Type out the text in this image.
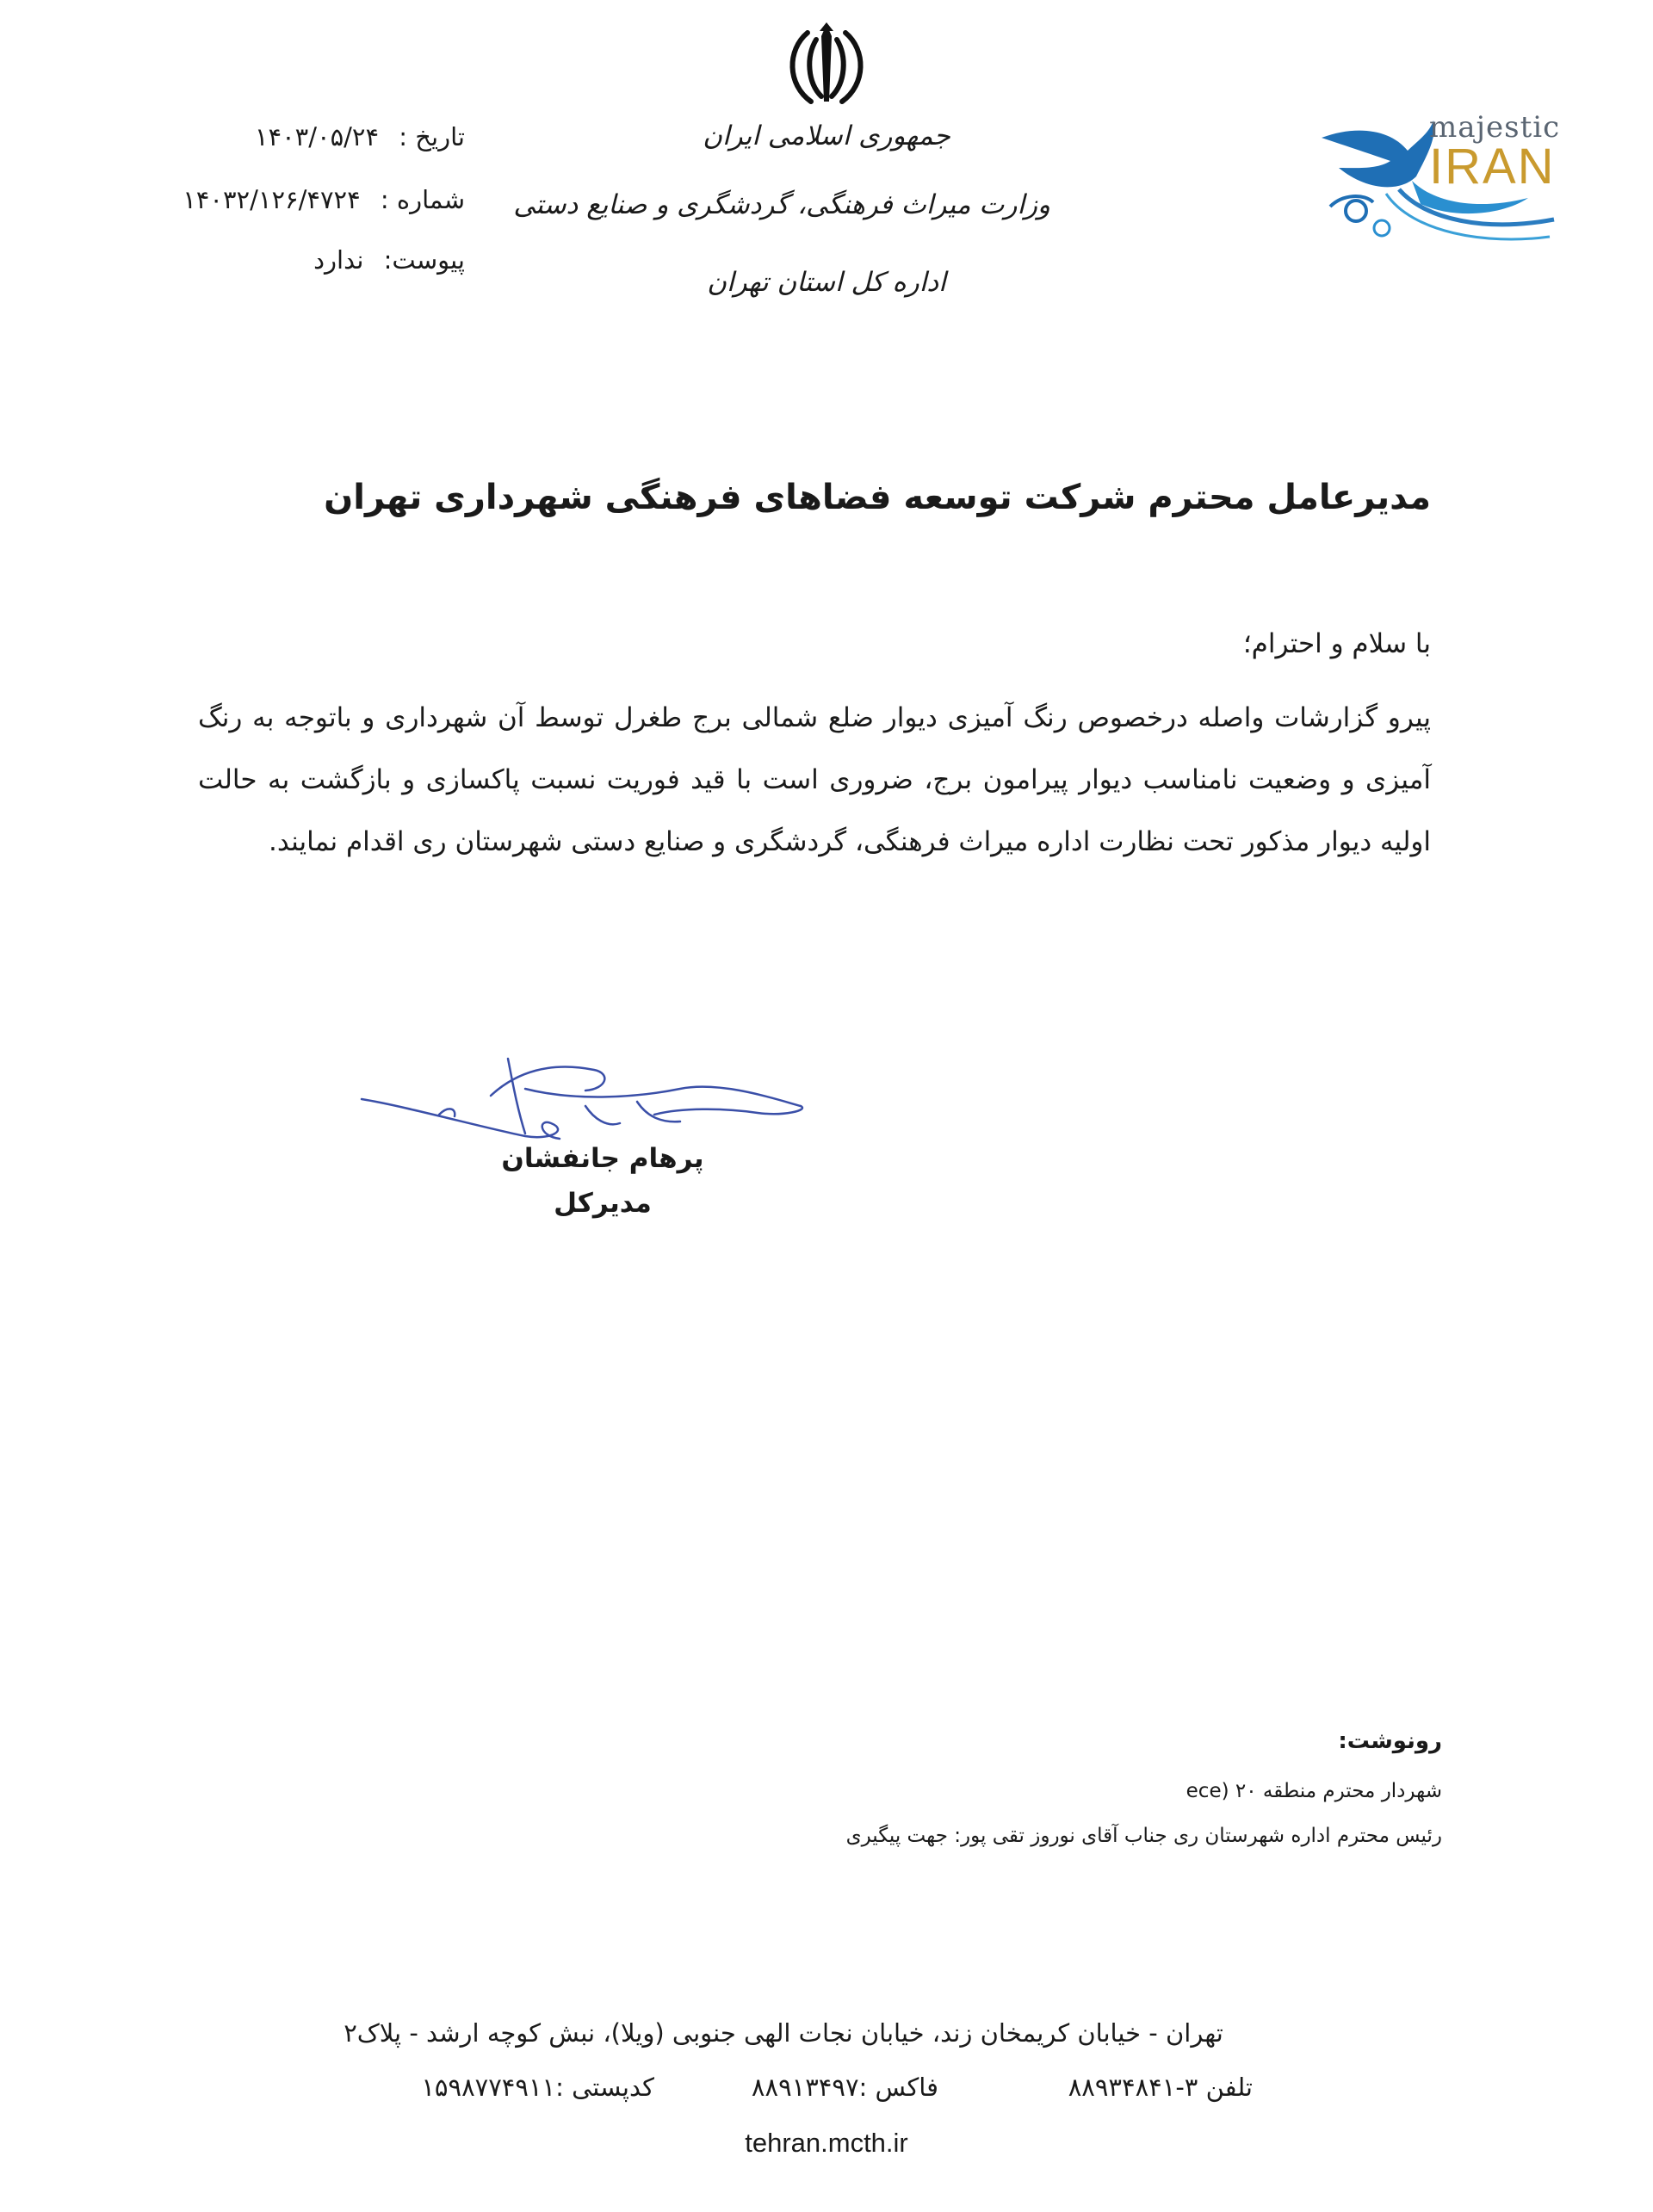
جمهوری اسلامی ایران
وزارت میراث فرهنگی، گردشگری و صنایع دستی
اداره کل استان تهران
majestic
IRAN
تاریخ : ۱۴۰۳/۰۵/۲۴
شماره : ۱۴۰۳۲/۱۲۶/۴۷۲۴
پیوست: ندارد
مدیرعامل محترم شرکت توسعه فضاهای فرهنگی شهرداری تهران
با سلام و احترام؛
پیرو گزارشات واصله درخصوص رنگ آمیزی دیوار ضلع شمالی برج طغرل توسط آن شهرداری و باتوجه به رنگ آمیزی و وضعیت نامناسب دیوار پیرامون برج، ضروری است با قید فوریت نسبت پاکسازی و بازگشت به حالت اولیه دیوار مذکور تحت نظارت اداره میراث فرهنگی، گردشگری و صنایع دستی شهرستان ری اقدام نمایند.
پرهام جانفشان
مدیرکل
رونوشت:
شهردار محترم منطقه ۲۰ (ece
رئیس محترم اداره شهرستان ری جناب آقای نوروز تقی پور: جهت پیگیری
تهران - خیابان کریمخان زند، خیابان نجات الهی جنوبی (ویلا)، نبش کوچه ارشد - پلاک۲
تلفن ۳-۸۸۹۳۴۸۴۱
فاکس :۸۸۹۱۳۴۹۷
کدپستی :۱۵۹۸۷۷۴۹۱۱
tehran.mcth.ir
